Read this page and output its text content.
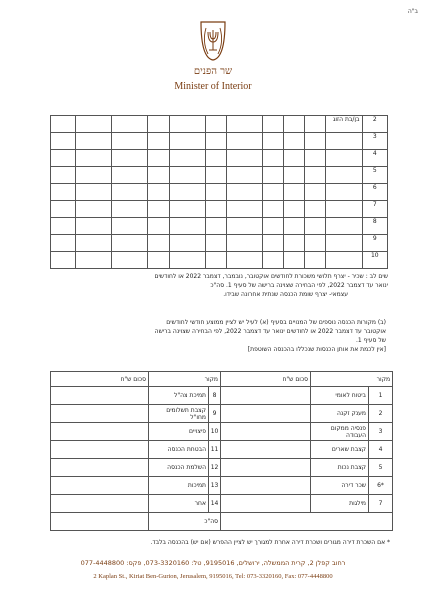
ב"ה
שר הפנים
Minister of Interior
										בן/בת הזוג	2
											3
											4
											5
											6
											7
											8
											9
											10
שים לב : שכיר - יצרף תלושי משכורת לחודשים אוקטובר, נובמבר, דצמבר 2022 או לחודשים
ינואר עד דצמבר 2022, לפי הבחירה שצוינה ברישה של סעיף 1. סה"כ
עצמאי- יצרף שומת הכנסה שנתית אחרונה שבידו.
(ב) מקורות הכנסה נוספים של המנויים בסעיף (א) לעיל יש לציין ממוצע חודשי לחודשים
אוקטובר עד דצמבר 2022 או לחודשים ינואר עד דצמבר 2022, לפי הבחירה שצוינה ברישה
של סעיף 1.
[אין לכמת את אותן הכנסות שנכללו בהכנסה השוטפת]
סכום ש"ח	מקור		סכום ש"ח	מקור	
	תמיכת צה"ל	8		ביטוח לאומי	1
	קצבת תשלומים מחו"ל	9		מענק זקנה	2
	פיצויים	10		פנסיה ממקום העבודה	3
	הבטחת הכנסה	11		קצבת שארים	4
	השלמת הכנסה	12		קצבת נכות	5
	תמיכות	13		שכר דירה	6*
	אחר	14		מילגות	7
	סה"כ				
* אם השכרת דירה מגורים ושכרת דירה אחרת למגורך יש לציין ההפרש (אם יש) בהכנסה בלבד.
רחוב קפלן 2, קרית הממשלה, ירושלים, 9195016, טל: 073-3320160, פקס: 077-4448800
2 Kaplan St., Kiriat Ben-Gurion, Jerusalem, 9195016, Tel: 073-3320160, Fax: 077-4448800
